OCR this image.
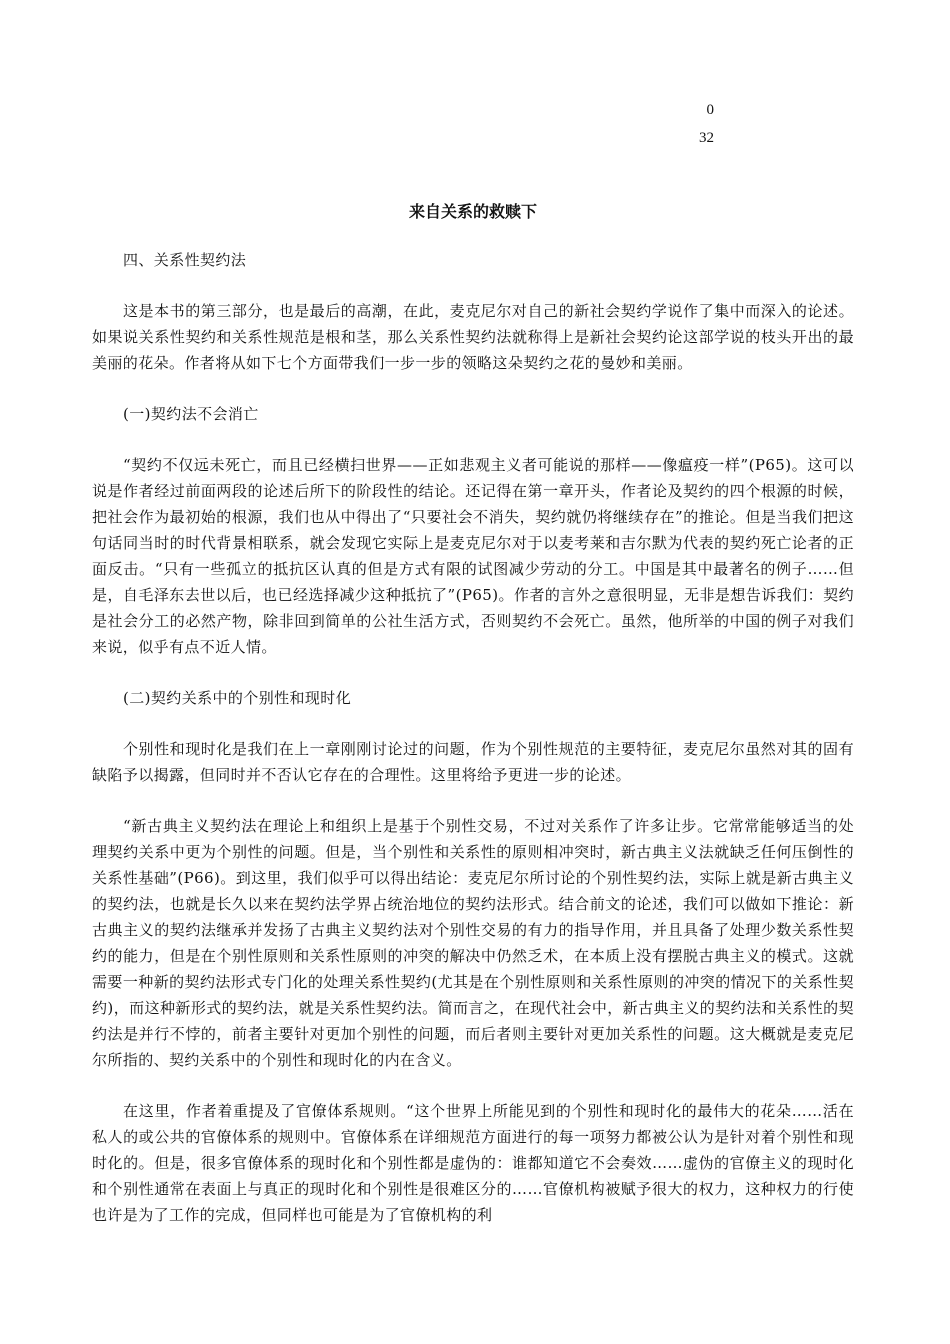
0
32
来自关系的救赎下

四、关系性契约法

这是本书的第三部分，也是最后的高潮，在此，麦克尼尔对自己的新社会契约学说作了集中而深入的论述。如果说关系性契约和关系性规范是根和茎，那么关系性契约法就称得上是新社会契约论这部学说的枝头开出的最美丽的花朵。作者将从如下七个方面带我们一步一步的领略这朵契约之花的曼妙和美丽。

(一)契约法不会消亡

“契约不仅远未死亡，而且已经横扫世界——正如悲观主义者可能说的那样——像瘟疫一样”(P65)。这可以说是作者经过前面两段的论述后所下的阶段性的结论。还记得在第一章开头，作者论及契约的四个根源的时候，把社会作为最初始的根源，我们也从中得出了“只要社会不消失，契约就仍将继续存在”的推论。但是当我们把这句话同当时的时代背景相联系，就会发现它实际上是麦克尼尔对于以麦考莱和吉尔默为代表的契约死亡论者的正面反击。“只有一些孤立的抵抗区认真的但是方式有限的试图减少劳动的分工。中国是其中最著名的例子……但是，自毛泽东去世以后，也已经选择减少这种抵抗了”(P65)。作者的言外之意很明显，无非是想告诉我们：契约是社会分工的必然产物，除非回到简单的公社生活方式，否则契约不会死亡。虽然，他所举的中国的例子对我们来说，似乎有点不近人情。

(二)契约关系中的个别性和现时化

个别性和现时化是我们在上一章刚刚讨论过的问题，作为个别性规范的主要特征，麦克尼尔虽然对其的固有缺陷予以揭露，但同时并不否认它存在的合理性。这里将给予更进一步的论述。

“新古典主义契约法在理论上和组织上是基于个别性交易，不过对关系作了许多让步。它常常能够适当的处理契约关系中更为个别性的问题。但是，当个别性和关系性的原则相冲突时，新古典主义法就缺乏任何压倒性的关系性基础”(P66)。到这里，我们似乎可以得出结论：麦克尼尔所讨论的个别性契约法，实际上就是新古典主义的契约法，也就是长久以来在契约法学界占统治地位的契约法形式。结合前文的论述，我们可以做如下推论：新古典主义的契约法继承并发扬了古典主义契约法对个别性交易的有力的指导作用，并且具备了处理少数关系性契约的能力，但是在个别性原则和关系性原则的冲突的解决中仍然乏术，在本质上没有摆脱古典主义的模式。这就需要一种新的契约法形式专门化的处理关系性契约(尤其是在个别性原则和关系性原则的冲突的情况下的关系性契约)，而这种新形式的契约法，就是关系性契约法。简而言之，在现代社会中，新古典主义的契约法和关系性的契约法是并行不悖的，前者主要针对更加个别性的问题，而后者则主要针对更加关系性的问题。这大概就是麦克尼尔所指的、契约关系中的个别性和现时化的内在含义。

在这里，作者着重提及了官僚体系规则。“这个世界上所能见到的个别性和现时化的最伟大的花朵……活在私人的或公共的官僚体系的规则中。官僚体系在详细规范方面进行的每一项努力都被公认为是针对着个别性和现时化的。但是，很多官僚体系的现时化和个别性都是虚伪的：谁都知道它不会奏效……虚伪的官僚主义的现时化和个别性通常在表面上与真正的现时化和个别性是很难区分的……官僚机构被赋予很大的权力，这种权力的行使也许是为了工作的完成，但同样也可能是为了官僚机构的利
